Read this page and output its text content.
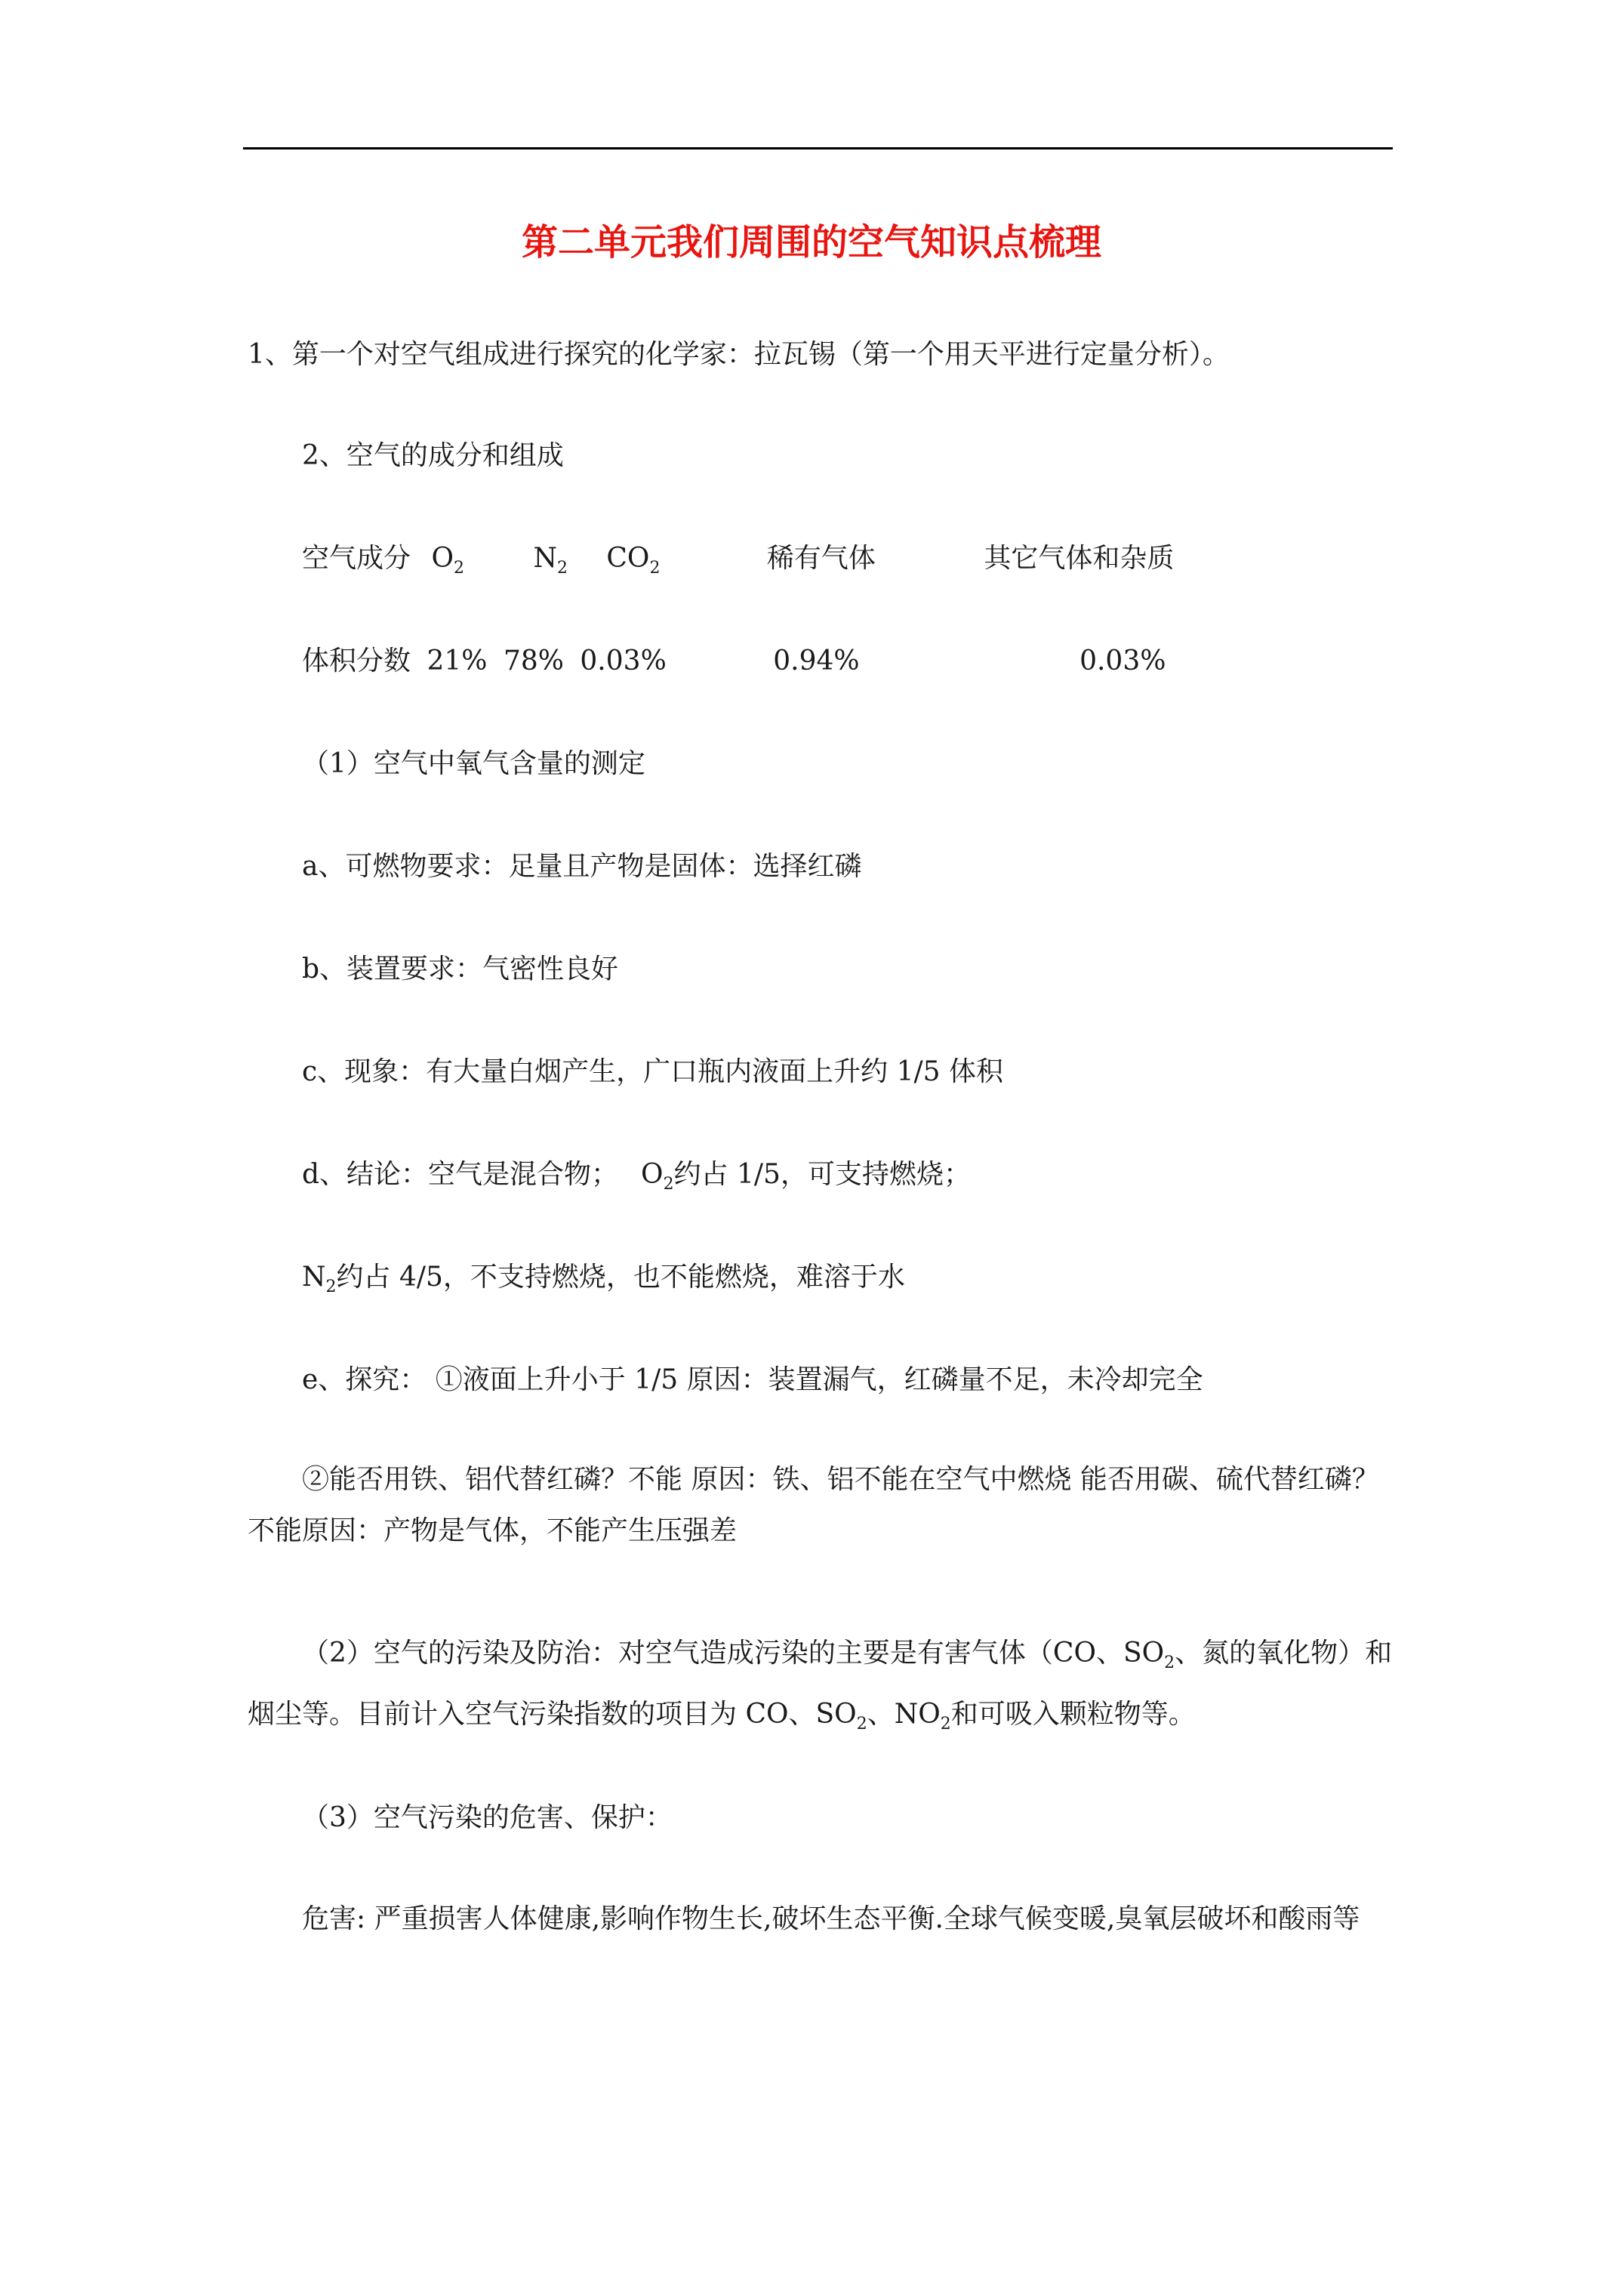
第二单元我们周围的空气知识点梳理
1、第一个对空气组成进行探究的化学家：拉瓦锡（第一个用天平进行定量分析）。
2、空气的成分和组成
空气成分 $O_2$	$N_2$ $CO_2$	稀有气体	其它气体和杂质
体积分数 21% 78% 0.03%	0.94%	0.03%
（1）空气中氧气含量的测定
a、可燃物要求：足量且产物是固体：选择红磷
b、装置要求：气密性良好
c、现象：有大量白烟产生，广口瓶内液面上升约 1/5 体积
d、结论：空气是混合物； $O_2$约占 1/5，可支持燃烧；
$N_2$约占 4/5，不支持燃烧，也不能燃烧，难溶于水
e、探究： ①液面上升小于 1/5 原因：装置漏气，红磷量不足，未冷却完全
②能否用铁、铝代替红磷？不能 原因：铁、铝不能在空气中燃烧 能否用碳、硫代替红磷？不能原因：产物是气体，不能产生压强差
（2）空气的污染及防治：对空气造成污染的主要是有害气体（CO、$SO_2$、氮的氧化物）和烟尘等。目前计入空气污染指数的项目为 CO、$SO_2$、$NO_2$和可吸入颗粒物等。
（3）空气污染的危害、保护：
危害: 严重损害人体健康,影响作物生长,破坏生态平衡.全球气候变暖,臭氧层破坏和酸雨等
